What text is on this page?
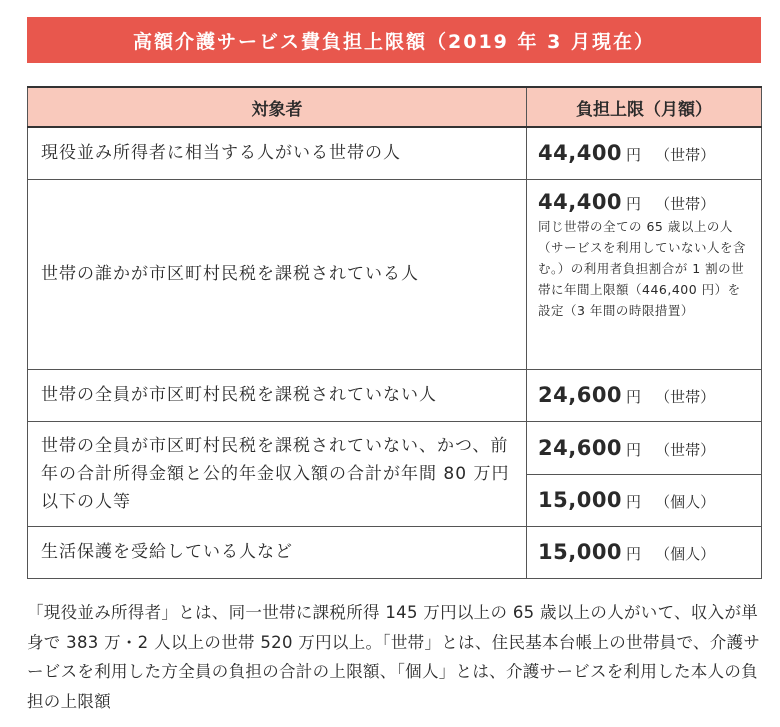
高額介護サービス費負担上限額（2019 年 3 月現在）
対象者	負担上限（月額）
現役並み所得者に相当する人がいる世帯の人	44,400 円 （世帯）
世帯の誰かが市区町村民税を課税されている人	44,400 円 （世帯）
同じ世帯の全ての 65 歳以上の人（サービスを利用していない人を含む。）の利用者負担割合が 1 割の世帯に年間上限額（446,400 円）を設定（3 年間の時限措置）

世帯の全員が市区町村民税を課税されていない人	24,600 円 （世帯）
世帯の全員が市区町村民税を課税されていない、かつ、前年の合計所得金額と公的年金収入額の合計が年間 80 万円以下の人等	24,600 円 （世帯）
	15,000 円 （個人）
生活保護を受給している人など	15,000 円 （個人）
「現役並み所得者」とは、同一世帯に課税所得 145 万円以上の 65 歳以上の人がいて、収入が単身で 383 万・2 人以上の世帯 520 万円以上。「世帯」とは、住民基本台帳上の世帯員で、介護サービスを利用した方全員の負担の合計の上限額、「個人」とは、介護サービスを利用した本人の負担の上限額
